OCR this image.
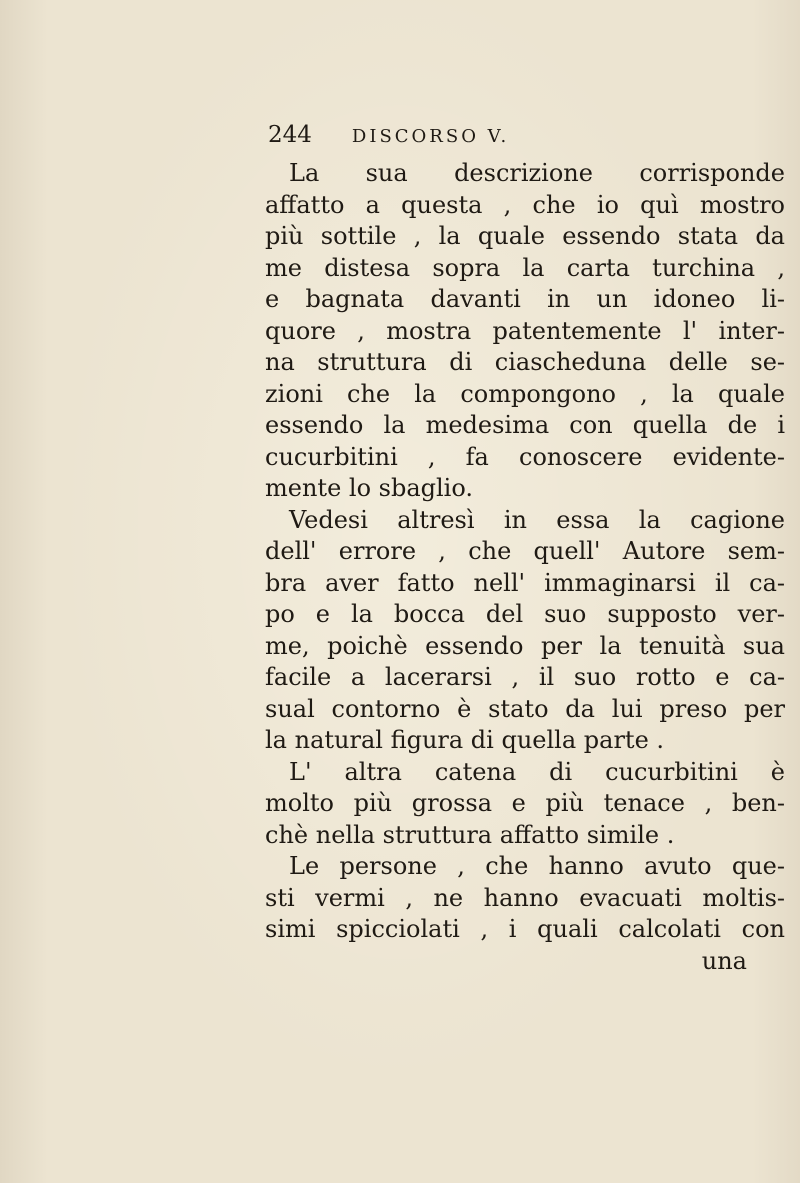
244 DISCORSO V.
La sua descrizione corrisponde
affatto a questa , che io quì mostro
più sottile , la quale essendo stata da
me distesa sopra la carta turchina ,
e bagnata davanti in un idoneo li-
quore , mostra patentemente l' inter-
na struttura di ciascheduna delle se-
zioni che la compongono , la quale
essendo la medesima con quella de i
cucurbitini , fa conoscere evidente-
mente lo sbaglio.
Vedesi altresì in essa la cagione
dell' errore , che quell' Autore sem-
bra aver fatto nell' immaginarsi il ca-
po e la bocca del suo supposto ver-
me, poichè essendo per la tenuità sua
facile a lacerarsi , il suo rotto e ca-
sual contorno è stato da lui preso per
la natural figura di quella parte .
L' altra catena di cucurbitini è
molto più grossa e più tenace , ben-
chè nella struttura affatto simile .
Le persone , che hanno avuto que-
sti vermi , ne hanno evacuati moltis-
simi spicciolati , i quali calcolati con
una
